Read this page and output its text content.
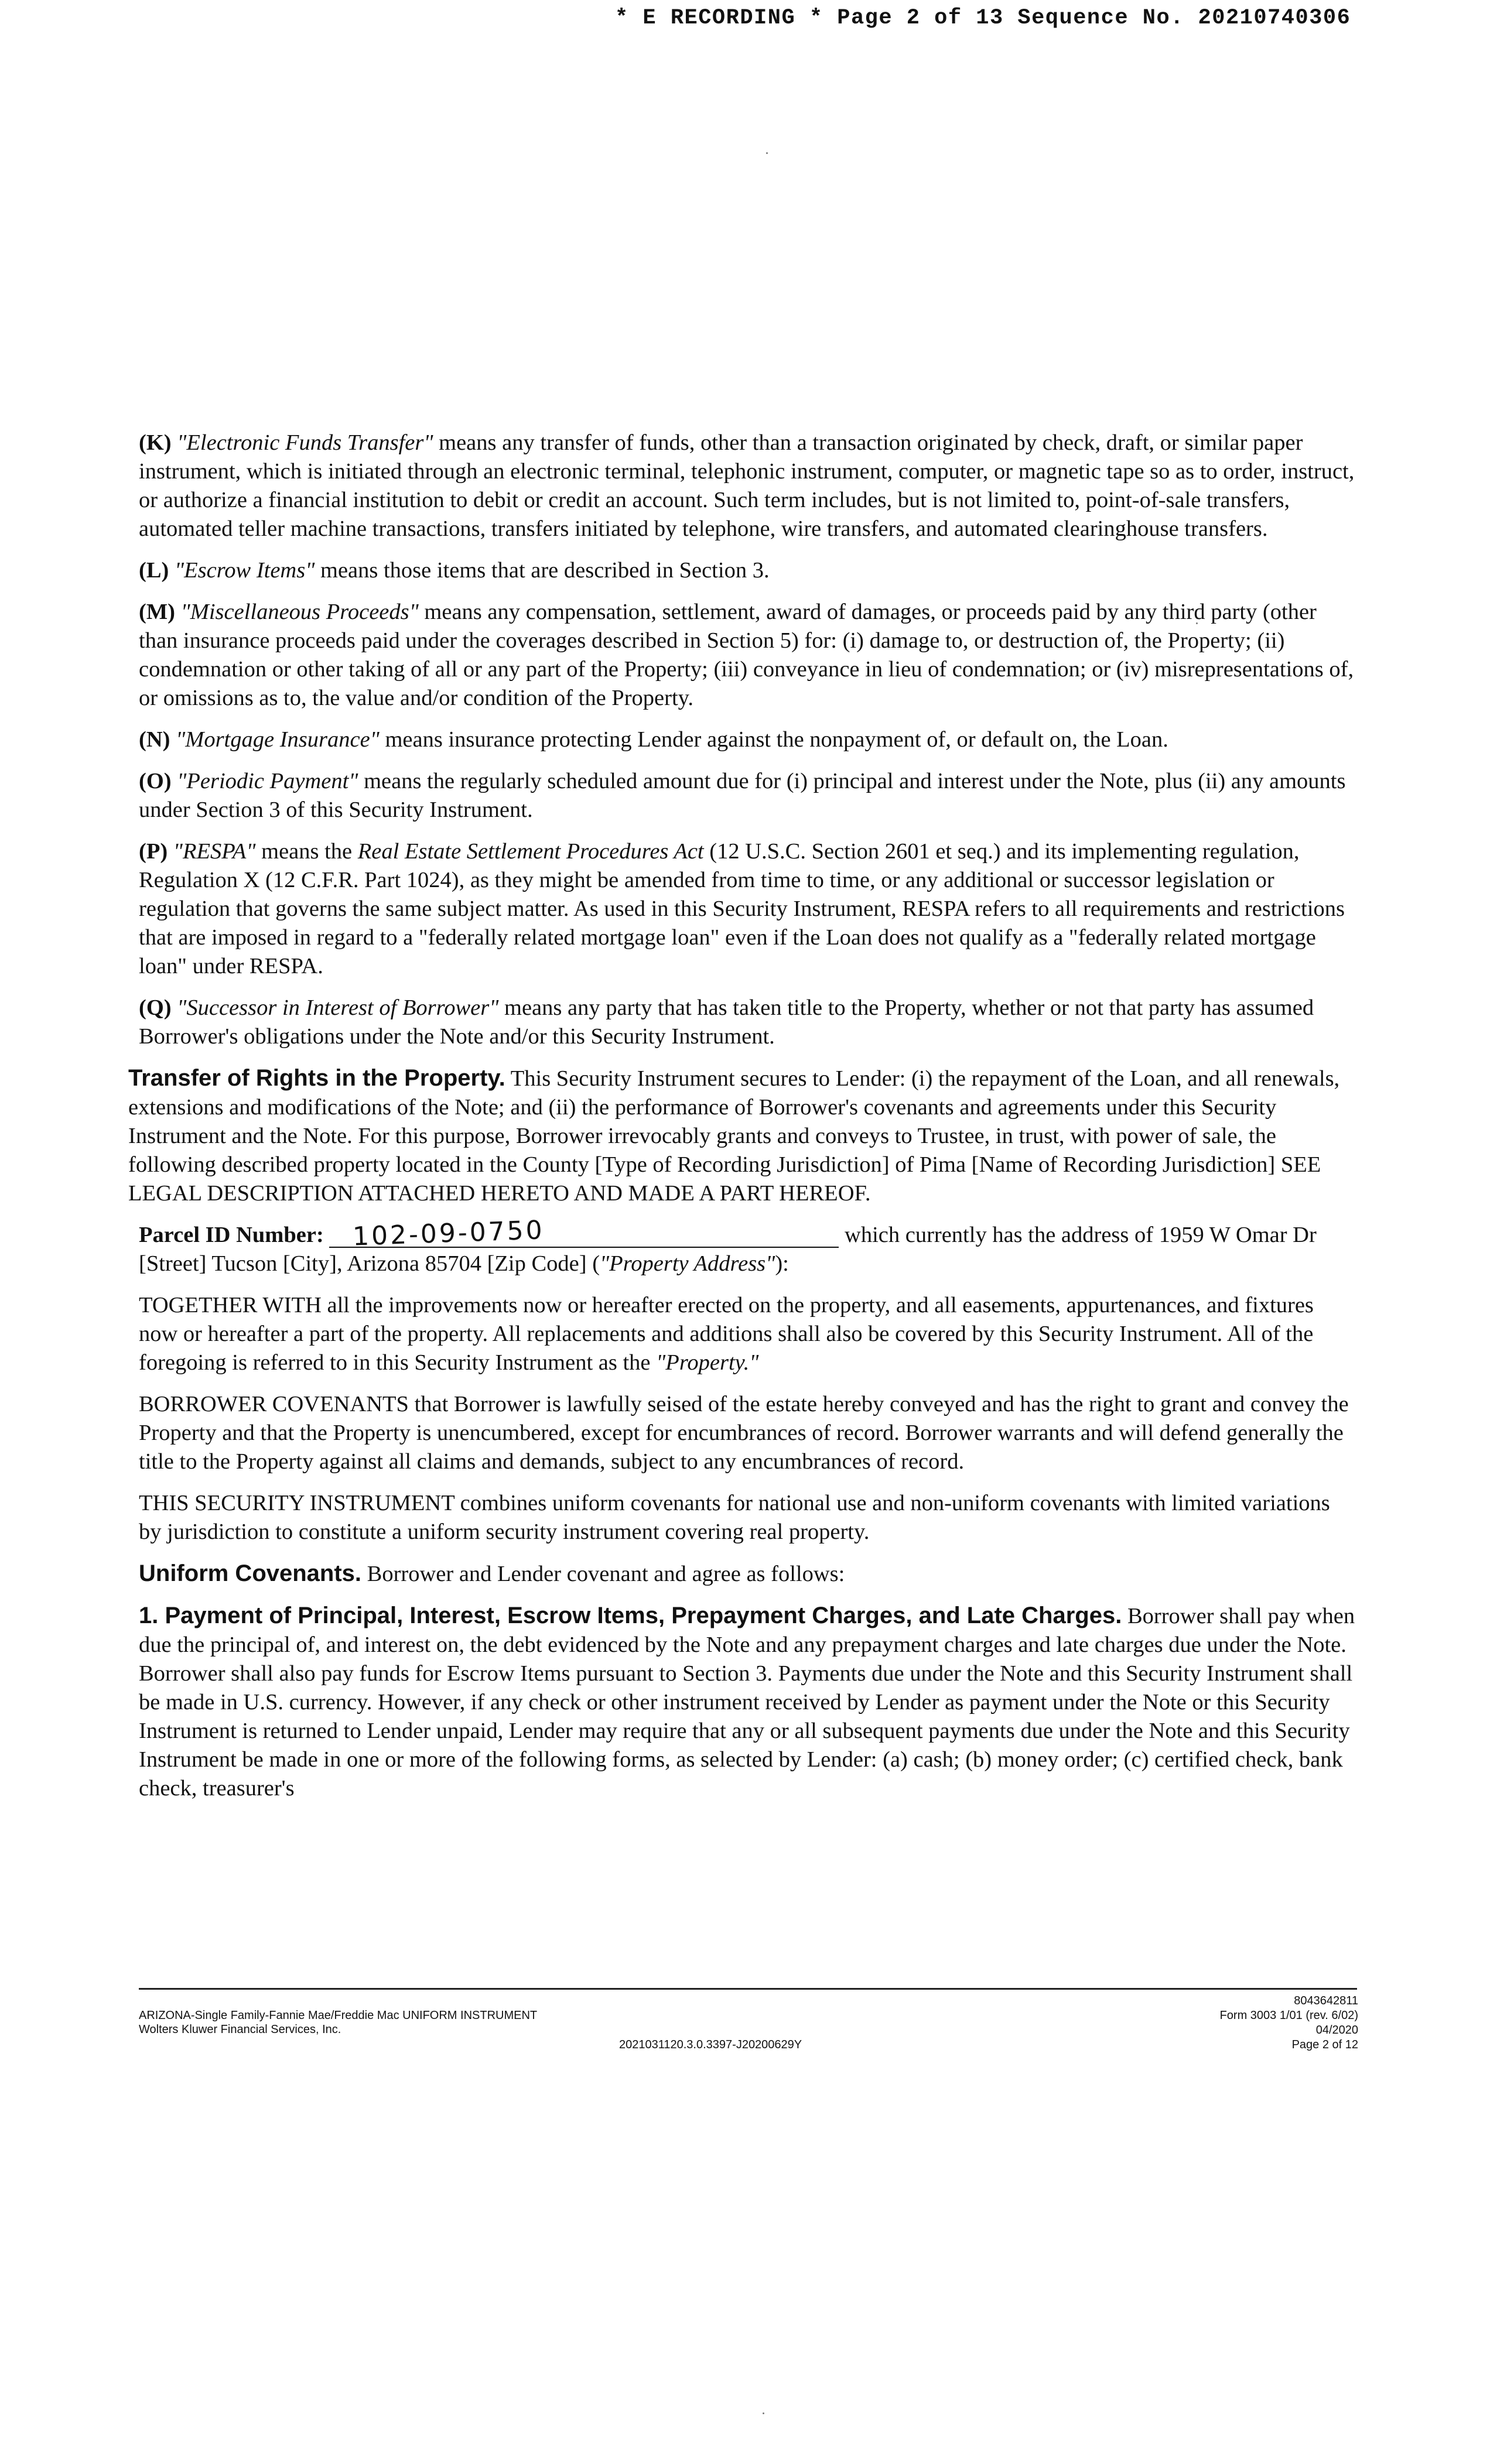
* E RECORDING * Page 2 of 13 Sequence No. 20210740306

(K) "Electronic Funds Transfer" means any transfer of funds, other than a transaction originated by check, draft, or similar paper instrument, which is initiated through an electronic terminal, telephonic instrument, computer, or magnetic tape so as to order, instruct, or authorize a financial institution to debit or credit an account. Such term includes, but is not limited to, point-of-sale transfers, automated teller machine transactions, transfers initiated by telephone, wire transfers, and automated clearinghouse transfers.

(L) "Escrow Items" means those items that are described in Section 3.

(M) "Miscellaneous Proceeds" means any compensation, settlement, award of damages, or proceeds paid by any third party (other than insurance proceeds paid under the coverages described in Section 5) for: (i) damage to, or destruction of, the Property; (ii) condemnation or other taking of all or any part of the Property; (iii) conveyance in lieu of condemnation; or (iv) misrepresentations of, or omissions as to, the value and/or condition of the Property.

(N) "Mortgage Insurance" means insurance protecting Lender against the nonpayment of, or default on, the Loan.

(O) "Periodic Payment" means the regularly scheduled amount due for (i) principal and interest under the Note, plus (ii) any amounts under Section 3 of this Security Instrument.

(P) "RESPA" means the Real Estate Settlement Procedures Act (12 U.S.C. Section 2601 et seq.) and its implementing regulation, Regulation X (12 C.F.R. Part 1024), as they might be amended from time to time, or any additional or successor legislation or regulation that governs the same subject matter. As used in this Security Instrument, RESPA refers to all requirements and restrictions that are imposed in regard to a "federally related mortgage loan" even if the Loan does not qualify as a "federally related mortgage loan" under RESPA.

(Q) "Successor in Interest of Borrower" means any party that has taken title to the Property, whether or not that party has assumed Borrower's obligations under the Note and/or this Security Instrument.

Transfer of Rights in the Property. This Security Instrument secures to Lender: (i) the repayment of the Loan, and all renewals, extensions and modifications of the Note; and (ii) the performance of Borrower's covenants and agreements under this Security Instrument and the Note. For this purpose, Borrower irrevocably grants and conveys to Trustee, in trust, with power of sale, the following described property located in the County [Type of Recording Jurisdiction] of Pima [Name of Recording Jurisdiction] SEE LEGAL DESCRIPTION ATTACHED HERETO AND MADE A PART HEREOF.

Parcel ID Number: 102-09-0750	which currently has the address of 1959 W Omar Dr [Street] Tucson [City], Arizona 85704 [Zip Code] ("Property Address"):

TOGETHER WITH all the improvements now or hereafter erected on the property, and all easements, appurtenances, and fixtures now or hereafter a part of the property. All replacements and additions shall also be covered by this Security Instrument. All of the foregoing is referred to in this Security Instrument as the "Property."

BORROWER COVENANTS that Borrower is lawfully seised of the estate hereby conveyed and has the right to grant and convey the Property and that the Property is unencumbered, except for encumbrances of record. Borrower warrants and will defend generally the title to the Property against all claims and demands, subject to any encumbrances of record.

THIS SECURITY INSTRUMENT combines uniform covenants for national use and non-uniform covenants with limited variations by jurisdiction to constitute a uniform security instrument covering real property.

Uniform Covenants. Borrower and Lender covenant and agree as follows:

1. Payment of Principal, Interest, Escrow Items, Prepayment Charges, and Late Charges. Borrower shall pay when due the principal of, and interest on, the debt evidenced by the Note and any prepayment charges and late charges due under the Note. Borrower shall also pay funds for Escrow Items pursuant to Section 3. Payments due under the Note and this Security Instrument shall be made in U.S. currency. However, if any check or other instrument received by Lender as payment under the Note or this Security Instrument is returned to Lender unpaid, Lender may require that any or all subsequent payments due under the Note and this Security Instrument be made in one or more of the following forms, as selected by Lender: (a) cash; (b) money order; (c) certified check, bank check, treasurer's

ARIZONA-Single Family-Fannie Mae/Freddie Mac UNIFORM INSTRUMENT
Wolters Kluwer Financial Services, Inc.
2021031120.3.0.3397-J20200629Y
8043642811
Form 3003 1/01 (rev. 6/02)
04/2020
Page 2 of 12
